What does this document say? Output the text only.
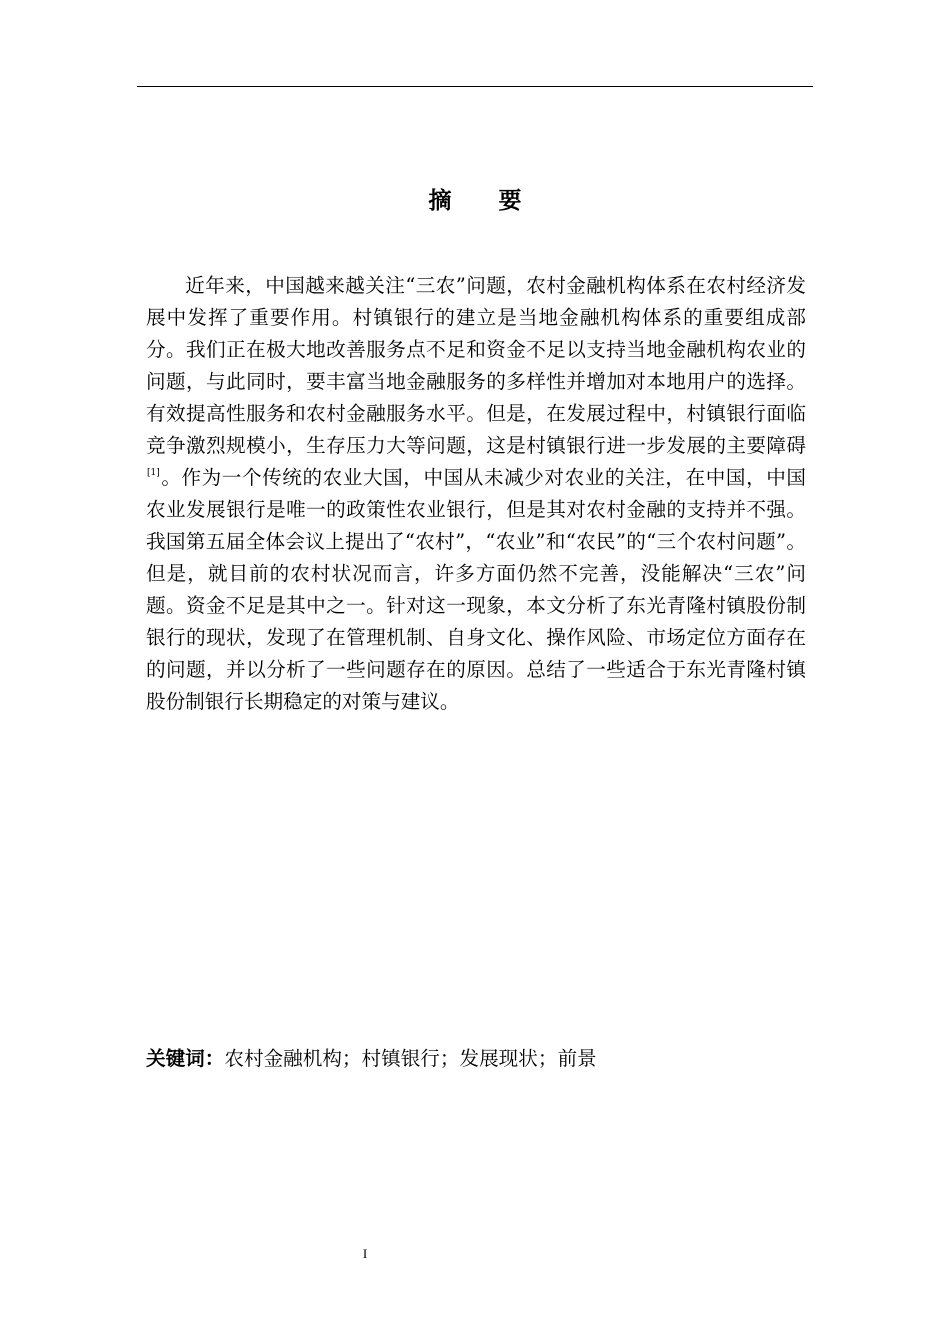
摘要

近年来，中国越来越关注“三农”问题，农村金融机构体系在农村经济发展中发挥了重要作用。村镇银行的建立是当地金融机构体系的重要组成部分。我们正在极大地改善服务点不足和资金不足以支持当地金融机构农业的问题，与此同时，要丰富当地金融服务的多样性并增加对本地用户的选择。有效提高性服务和农村金融服务水平。但是，在发展过程中，村镇银行面临竞争激烈规模小，生存压力大等问题，这是村镇银行进一步发展的主要障碍[1]。作为一个传统的农业大国，中国从未减少对农业的关注，在中国，中国农业发展银行是唯一的政策性农业银行，但是其对农村金融的支持并不强。我国第五届全体会议上提出了“农村”，“农业”和“农民”的“三个农村问题”。但是，就目前的农村状况而言，许多方面仍然不完善，没能解决“三农”问题。资金不足是其中之一。针对这一现象，本文分析了东光青隆村镇股份制银行的现状，发现了在管理机制、自身文化、操作风险、市场定位方面存在的问题，并以分析了一些问题存在的原因。总结了一些适合于东光青隆村镇股份制银行长期稳定的对策与建议。

关键词：农村金融机构；村镇银行；发展现状；前景
I
